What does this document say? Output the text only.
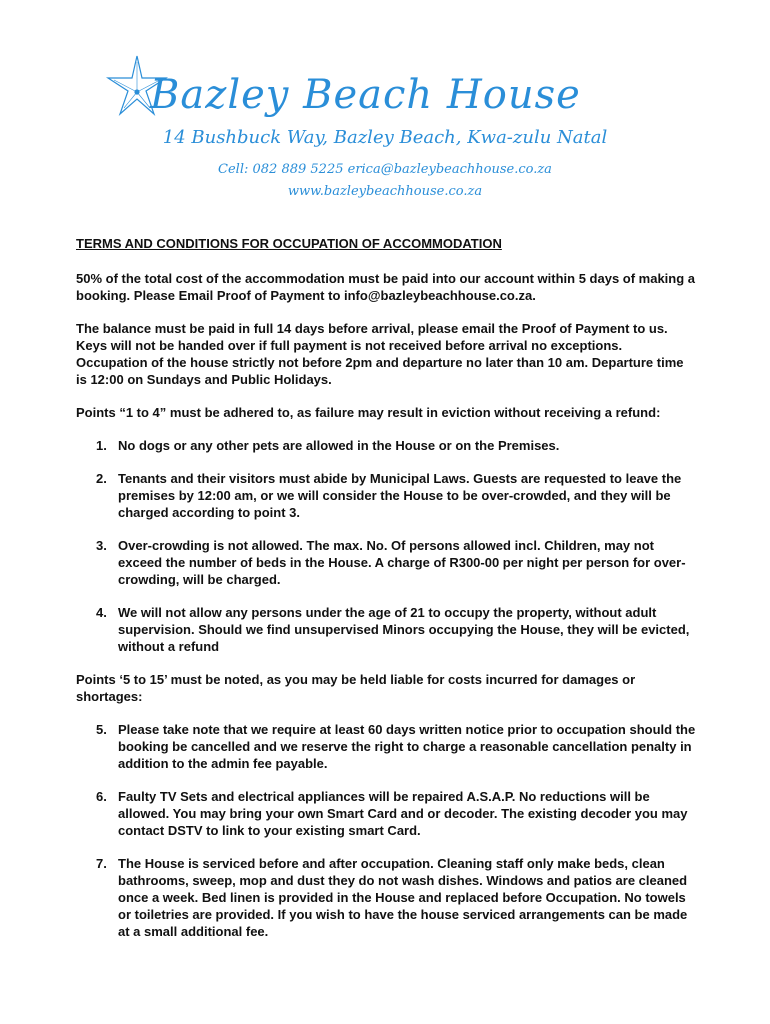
Bazley Beach House
14 Bushbuck Way, Bazley Beach, Kwa-zulu Natal
Cell: 082 889 5225 erica@bazleybeachhouse.co.za
www.bazleybeachhouse.co.za
TERMS AND CONDITIONS FOR OCCUPATION OF ACCOMMODATION

50% of the total cost of the accommodation must be paid into our account within 5 days of making a booking. Please Email Proof of Payment to info@bazleybeachhouse.co.za.

The balance must be paid in full 14 days before arrival, please email the Proof of Payment to us. Keys will not be handed over if full payment is not received before arrival no exceptions. Occupation of the house strictly not before 2pm and departure no later than 10 am. Departure time is 12:00 on Sundays and Public Holidays.

Points “1 to 4” must be adhered to, as failure may result in eviction without receiving a refund:

1. No dogs or any other pets are allowed in the House or on the Premises.
2. Tenants and their visitors must abide by Municipal Laws. Guests are requested to leave the premises by 12:00 am, or we will consider the House to be over-crowded, and they will be charged according to point 3.
3. Over-crowding is not allowed. The max. No. Of persons allowed incl. Children, may not exceed the number of beds in the House. A charge of R300-00 per night per person for over-crowding, will be charged.
4. We will not allow any persons under the age of 21 to occupy the property, without adult supervision. Should we find unsupervised Minors occupying the House, they will be evicted, without a refund

Points ‘5 to 15’ must be noted, as you may be held liable for costs incurred for damages or shortages:

5. Please take note that we require at least 60 days written notice prior to occupation should the booking be cancelled and we reserve the right to charge a reasonable cancellation penalty in addition to the admin fee payable.
6. Faulty TV Sets and electrical appliances will be repaired A.S.A.P. No reductions will be allowed. You may bring your own Smart Card and or decoder. The existing decoder you may contact DSTV to link to your existing smart Card.
7. The House is serviced before and after occupation. Cleaning staff only make beds, clean bathrooms, sweep, mop and dust they do not wash dishes. Windows and patios are cleaned once a week. Bed linen is provided in the House and replaced before Occupation. No towels or toiletries are provided. If you wish to have the house serviced arrangements can be made at a small additional fee.
